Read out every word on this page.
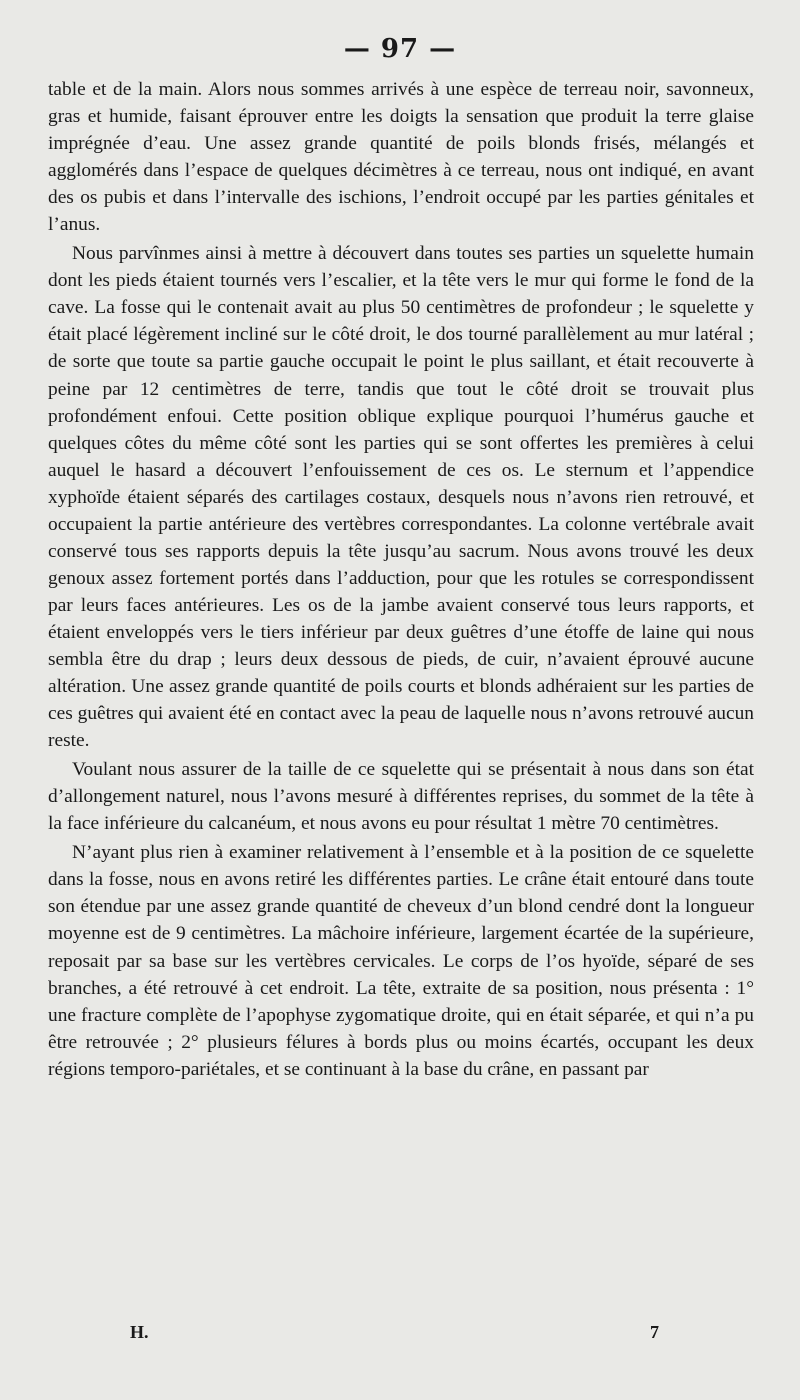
— 97 —

table et de la main. Alors nous sommes arrivés à une espèce de terreau noir, savonneux, gras et humide, faisant éprouver entre les doigts la sensation que produit la terre glaise imprégnée d’eau. Une assez grande quantité de poils blonds frisés, mélangés et agglomérés dans l’espace de quelques décimètres à ce terreau, nous ont indiqué, en avant des os pubis et dans l’intervalle des ischions, l’endroit occupé par les parties génitales et l’anus.

Nous parvînmes ainsi à mettre à découvert dans toutes ses parties un squelette humain dont les pieds étaient tournés vers l’escalier, et la tête vers le mur qui forme le fond de la cave. La fosse qui le contenait avait au plus 50 centimètres de profondeur ; le squelette y était placé légèrement incliné sur le côté droit, le dos tourné parallèlement au mur latéral ; de sorte que toute sa partie gauche occupait le point le plus saillant, et était recouverte à peine par 12 centimètres de terre, tandis que tout le côté droit se trouvait plus profondément enfoui. Cette position oblique explique pourquoi l’humérus gauche et quelques côtes du même côté sont les parties qui se sont offertes les premières à celui auquel le hasard a découvert l’enfouissement de ces os. Le sternum et l’appendice xyphoïde étaient séparés des cartilages costaux, desquels nous n’avons rien retrouvé, et occupaient la partie antérieure des vertèbres correspondantes. La colonne vertébrale avait conservé tous ses rapports depuis la tête jusqu’au sacrum. Nous avons trouvé les deux genoux assez fortement portés dans l’adduction, pour que les rotules se correspondissent par leurs faces antérieures. Les os de la jambe avaient conservé tous leurs rapports, et étaient enveloppés vers le tiers inférieur par deux guêtres d’une étoffe de laine qui nous sembla être du drap ; leurs deux dessous de pieds, de cuir, n’avaient éprouvé aucune altération. Une assez grande quantité de poils courts et blonds adhéraient sur les parties de ces guêtres qui avaient été en contact avec la peau de laquelle nous n’avons retrouvé aucun reste.

Voulant nous assurer de la taille de ce squelette qui se présentait à nous dans son état d’allongement naturel, nous l’avons mesuré à différentes reprises, du sommet de la tête à la face inférieure du calcanéum, et nous avons eu pour résultat 1 mètre 70 centimètres.

N’ayant plus rien à examiner relativement à l’ensemble et à la position de ce squelette dans la fosse, nous en avons retiré les différentes parties. Le crâne était entouré dans toute son étendue par une assez grande quantité de cheveux d’un blond cendré dont la longueur moyenne est de 9 centimètres. La mâchoire inférieure, largement écartée de la supérieure, reposait par sa base sur les vertèbres cervicales. Le corps de l’os hyoïde, séparé de ses branches, a été retrouvé à cet endroit. La tête, extraite de sa position, nous présenta : 1° une fracture complète de l’apophyse zygomatique droite, qui en était séparée, et qui n’a pu être retrouvée ; 2° plusieurs félures à bords plus ou moins écartés, occupant les deux régions temporo-pariétales, et se continuant à la base du crâne, en passant par

H.	7
